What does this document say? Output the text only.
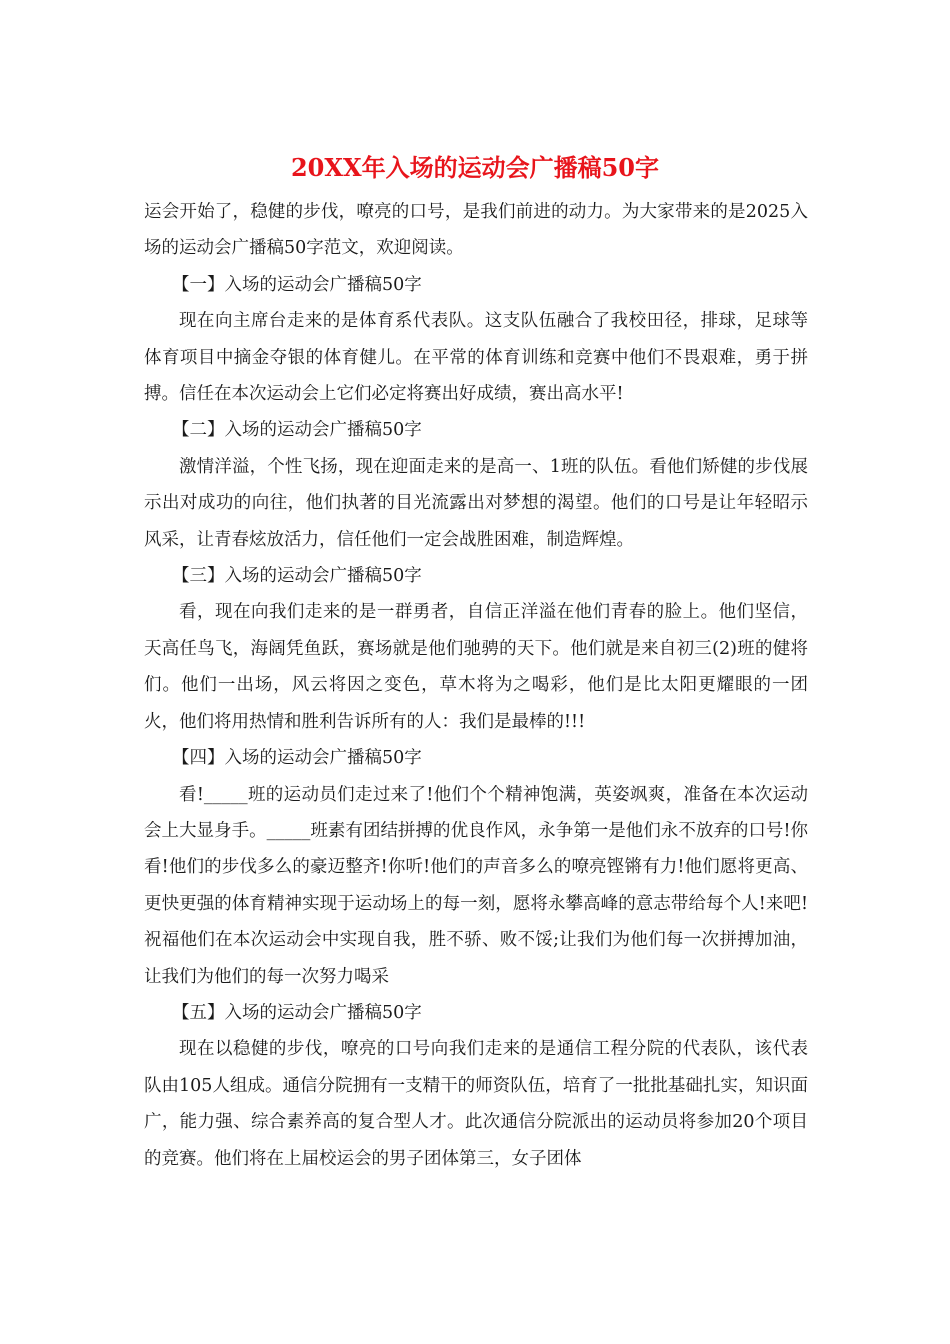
20XX年入场的运动会广播稿50字

运会开始了，稳健的步伐，嘹亮的口号，是我们前进的动力。为大家带来的是2025入场的运动会广播稿50字范文，欢迎阅读。

【一】入场的运动会广播稿50字

现在向主席台走来的是体育系代表队。这支队伍融合了我校田径，排球，足球等体育项目中摘金夺银的体育健儿。在平常的体育训练和竞赛中他们不畏艰难，勇于拼搏。信任在本次运动会上它们必定将赛出好成绩，赛出高水平!

【二】入场的运动会广播稿50字

激情洋溢，个性飞扬，现在迎面走来的是高一、1班的队伍。看他们矫健的步伐展示出对成功的向往，他们执著的目光流露出对梦想的渴望。他们的口号是让年轻昭示风采，让青春炫放活力，信任他们一定会战胜困难，制造辉煌。

【三】入场的运动会广播稿50字

看，现在向我们走来的是一群勇者，自信正洋溢在他们青春的脸上。他们坚信，天高任鸟飞，海阔凭鱼跃，赛场就是他们驰骋的天下。他们就是来自初三(2)班的健将们。他们一出场，风云将因之变色，草木将为之喝彩，他们是比太阳更耀眼的一团火，他们将用热情和胜利告诉所有的人：我们是最棒的!!!

【四】入场的运动会广播稿50字

看!_____班的运动员们走过来了!他们个个精神饱满，英姿飒爽，准备在本次运动会上大显身手。_____班素有团结拼搏的优良作风，永争第一是他们永不放弃的口号!你看!他们的步伐多么的豪迈整齐!你听!他们的声音多么的嘹亮铿锵有力!他们愿将更高、更快更强的体育精神实现于运动场上的每一刻，愿将永攀高峰的意志带给每个人!来吧!祝福他们在本次运动会中实现自我，胜不骄、败不馁;让我们为他们每一次拼搏加油，让我们为他们的每一次努力喝采

【五】入场的运动会广播稿50字

现在以稳健的步伐，嘹亮的口号向我们走来的是通信工程分院的代表队，该代表队由105人组成。通信分院拥有一支精干的师资队伍，培育了一批批基础扎实，知识面广，能力强、综合素养高的复合型人才。此次通信分院派出的运动员将参加20个项目的竞赛。他们将在上届校运会的男子团体第三，女子团体
